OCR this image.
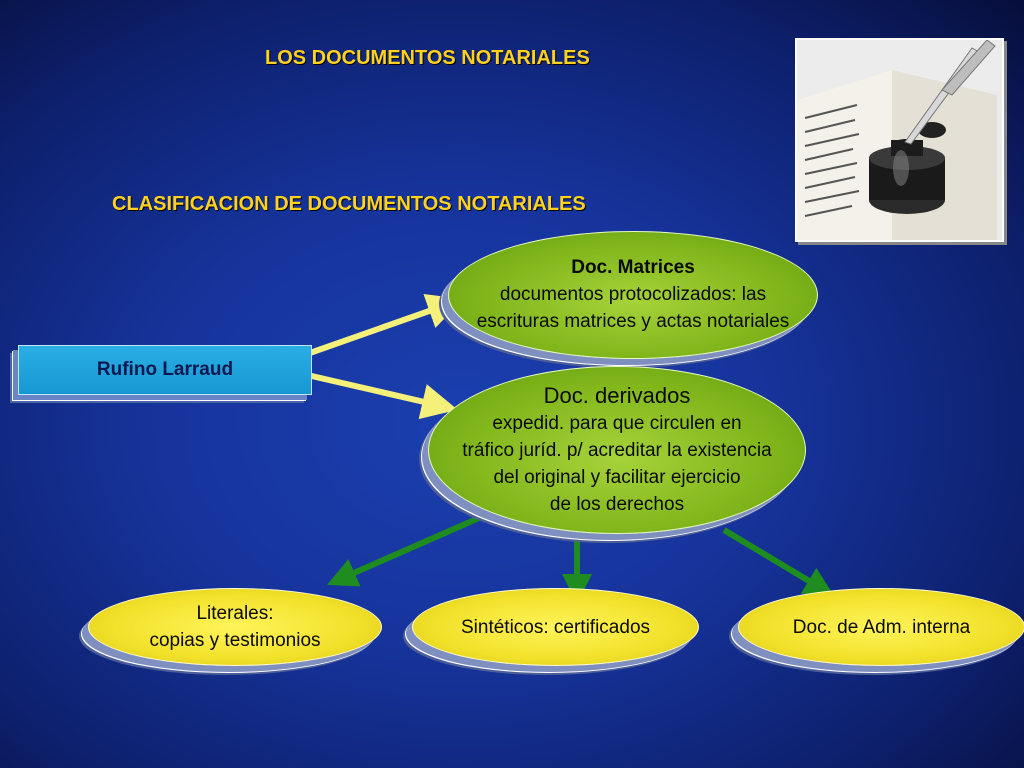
LOS DOCUMENTOS NOTARIALES
CLASIFICACION DE DOCUMENTOS NOTARIALES
Rufino Larraud
Doc. Matrices
documentos protocolizados: las escrituras matrices y actas notariales
Doc. derivados
expedid. para que circulen en
tráfico juríd. p/ acreditar la existencia
del original y facilitar ejercicio
de los derechos
Literales:
copias y testimonios
Sintéticos: certificados	Doc. de Adm. interna
